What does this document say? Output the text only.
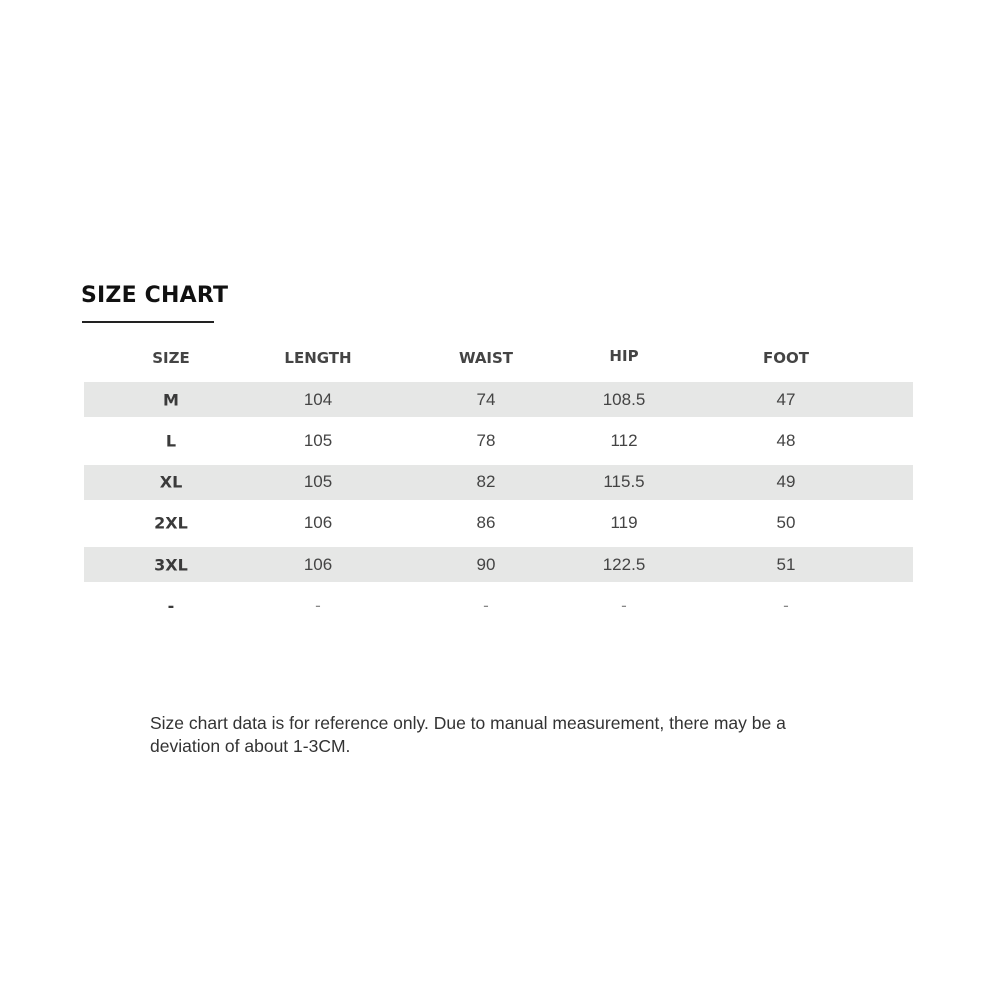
SIZE CHART
SIZE	LENGTH	WAIST	HIP	FOOT
M	104	74	108.5	47
L	105	78	112	48
XL	105	82	115.5	49
2XL	106	86	119	50
3XL	106	90	122.5	51
-	-	-	-	-
Size chart data is for reference only. Due to manual measurement, there may be a deviation of about 1-3CM.
